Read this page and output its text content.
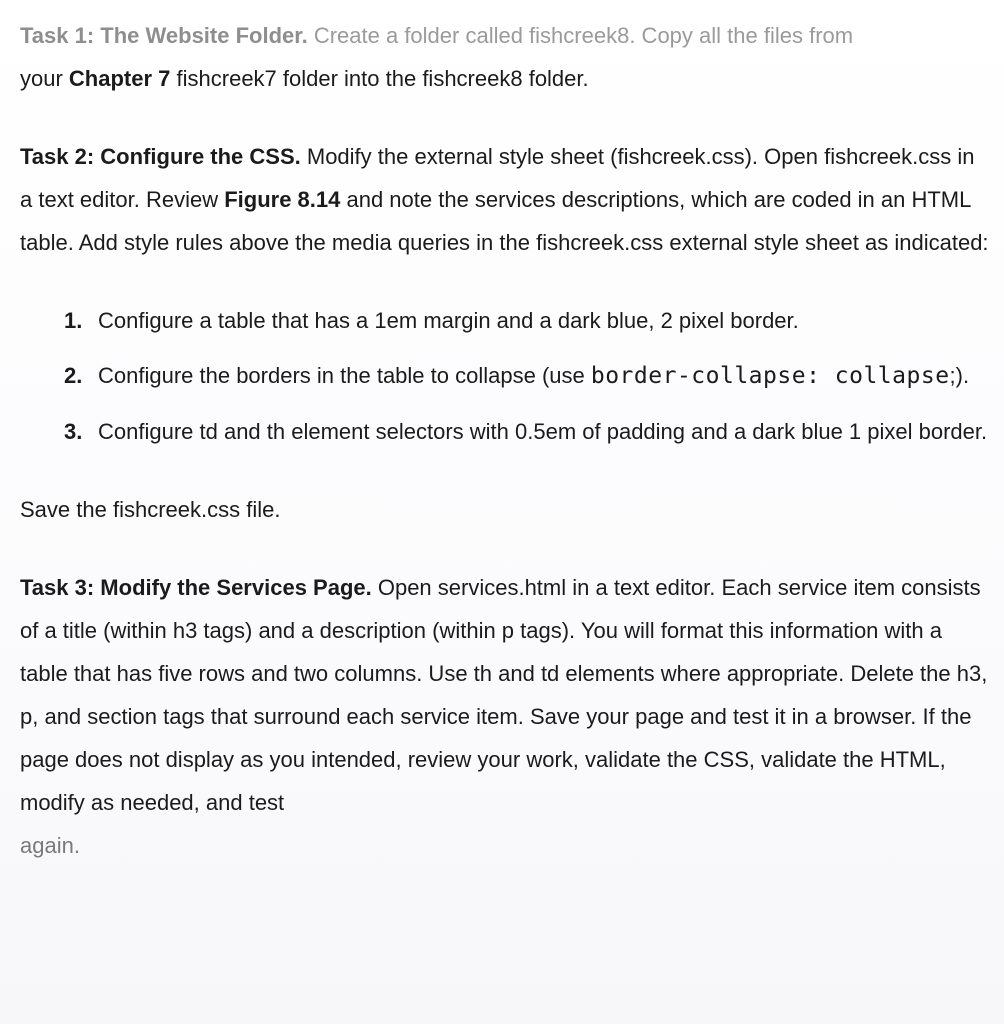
Task 1: The Website Folder. Create a folder called fishcreek8. Copy all the files from
your Chapter 7 fishcreek7 folder into the fishcreek8 folder.

Task 2: Configure the CSS. Modify the external style sheet (fishcreek.css). Open fishcreek.css in a text editor. Review Figure 8.14 and note the services descriptions, which are coded in an HTML table. Add style rules above the media queries in the fishcreek.css external style sheet as indicated:

1. Configure a table that has a 1em margin and a dark blue, 2 pixel border.
2. Configure the borders in the table to collapse (use border-collapse: collapse;).
3. Configure td and th element selectors with 0.5em of padding and a dark blue 1 pixel border.

Save the fishcreek.css file.

Task 3: Modify the Services Page. Open services.html in a text editor. Each service item consists of a title (within h3 tags) and a description (within p tags). You will format this information with a table that has five rows and two columns. Use th and td elements where appropriate. Delete the h3, p, and section tags that surround each service item. Save your page and test it in a browser. If the page does not display as you intended, review your work, validate the CSS, validate the HTML, modify as needed, and test
again.
